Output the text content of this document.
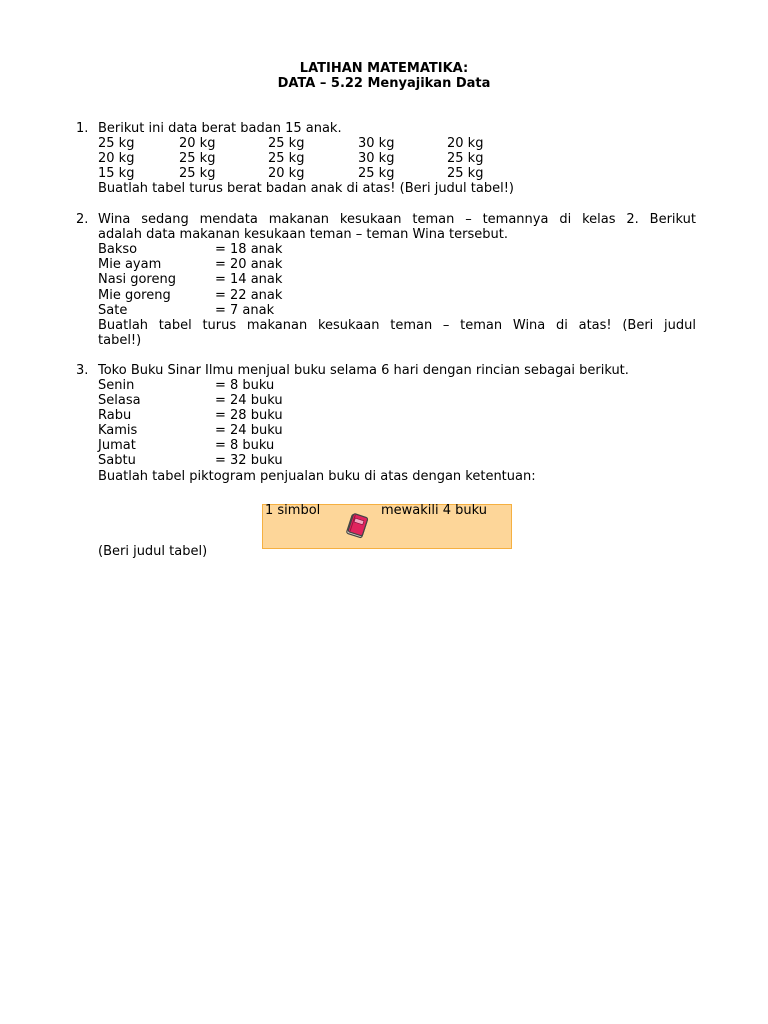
LATIHAN MATEMATIKA:
DATA – 5.22 Menyajikan Data
1. Berikut ini data berat badan 15 anak.
25 kg	20 kg	25 kg	30 kg	20 kg
20 kg	25 kg	25 kg	30 kg	25 kg
15 kg	25 kg	20 kg	25 kg	25 kg
Buatlah tabel turus berat badan anak di atas! (Beri judul tabel!)
2. Wina sedang mendata makanan kesukaan teman – temannya di kelas 2. Berikut
adalah data makanan kesukaan teman – teman Wina tersebut.
Bakso	= 18 anak
Mie ayam	= 20 anak
Nasi goreng	= 14 anak
Mie goreng	= 22 anak
Sate	= 7 anak
Buatlah tabel turus makanan kesukaan teman – teman Wina di atas! (Beri judul
tabel!)
3. Toko Buku Sinar Ilmu menjual buku selama 6 hari dengan rincian sebagai berikut.
Senin	= 8 buku
Selasa	= 24 buku
Rabu	= 28 buku
Kamis	= 24 buku
Jumat	= 8 buku
Sabtu	= 32 buku
Buatlah tabel piktogram penjualan buku di atas dengan ketentuan:
1 simbol	mewakili 4 buku
(Beri judul tabel)
